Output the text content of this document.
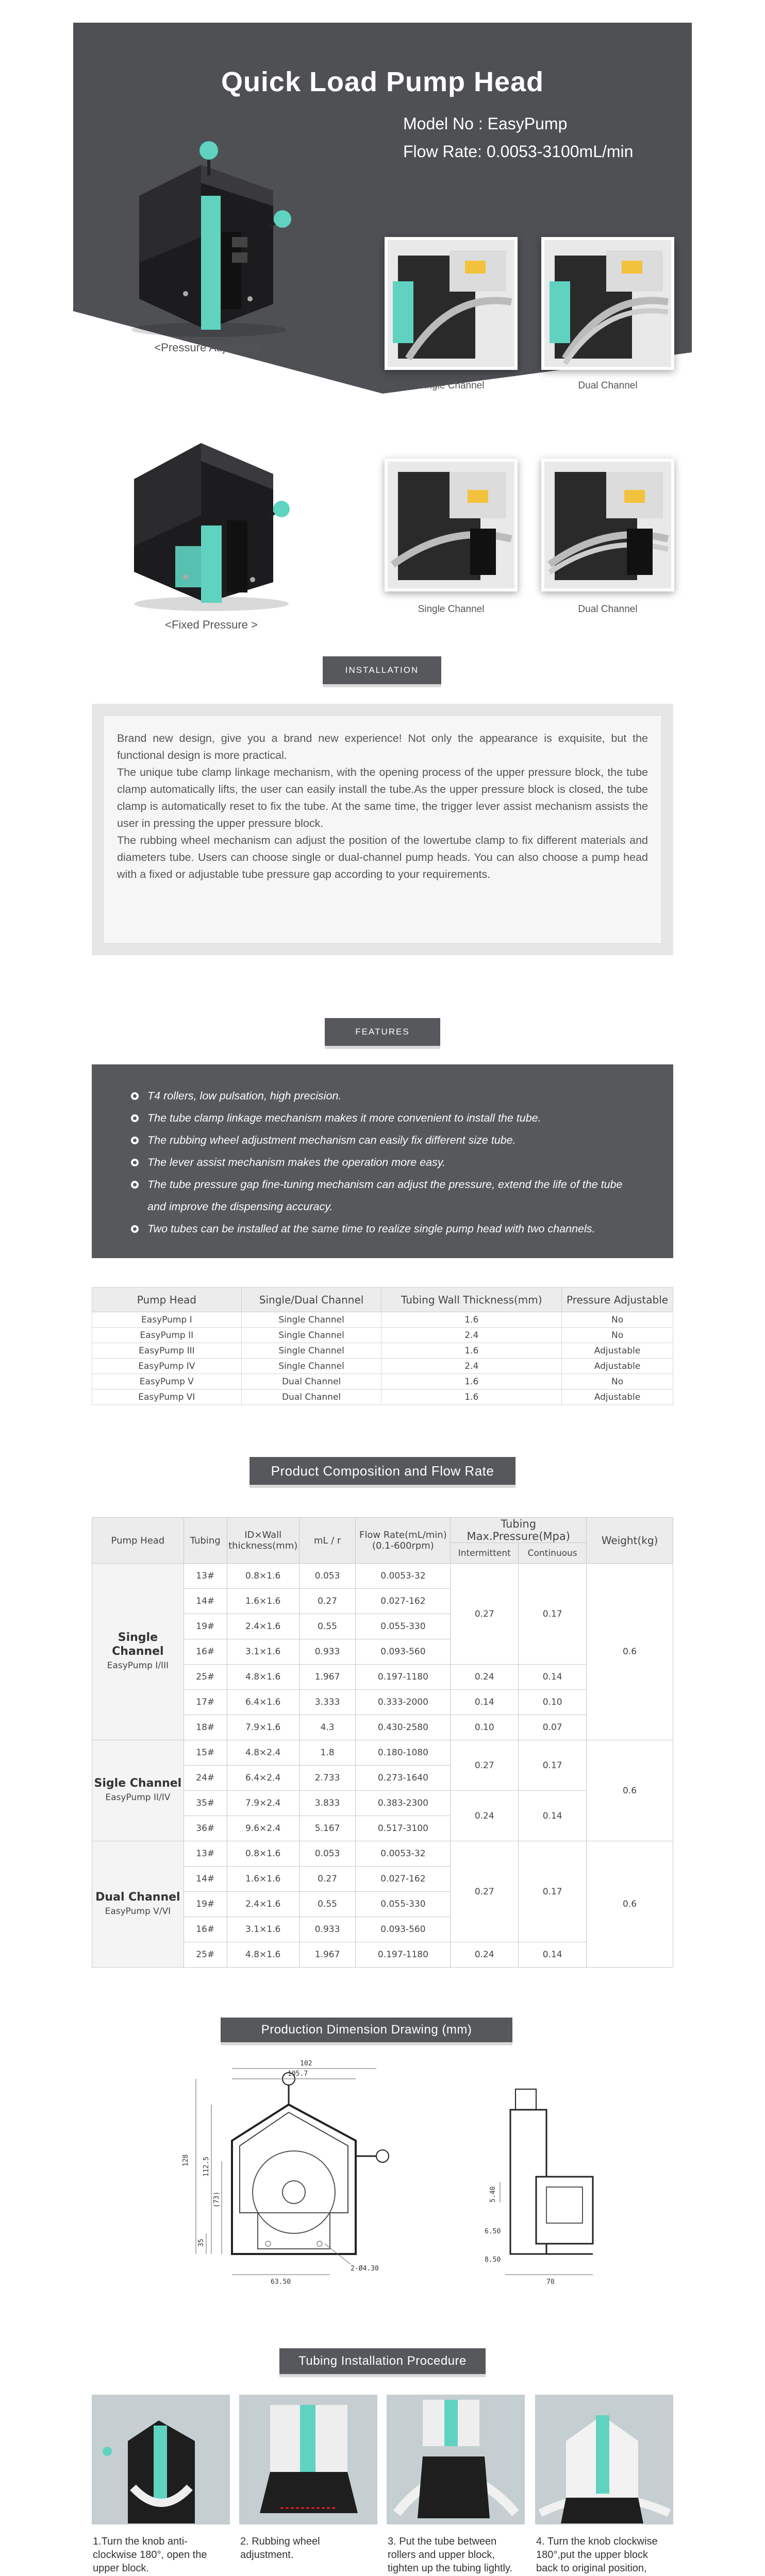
Quick Load Pump Head
Model No : EasyPump
Flow Rate: 0.0053-3100mL/min
<Pressure Adjustable>
Single Channel	Dual Channel
<Fixed Pressure >
Single Channel	Dual Channel
INSTALLATION

Brand new design, give you a brand new experience! Not only the appearance is exquisite, but the functional design is more practical.

The unique tube clamp linkage mechanism, with the opening process of the upper pressure block, the tube clamp automatically lifts, the user can easily install the tube.As the upper pressure block is closed, the tube clamp is automatically reset to fix the tube. At the same time, the trigger lever assist mechanism assists the user in pressing the upper pressure block.

The rubbing wheel mechanism can adjust the position of the lowertube clamp to fix different materials and diameters tube. Users can choose single or dual-channel pump heads. You can also choose a pump head with a fixed or adjustable tube pressure gap according to your requirements.

FEATURES
T4 rollers, low pulsation, high precision.
The tube clamp linkage mechanism makes it more convenient to install the tube.
The rubbing wheel adjustment mechanism can easily fix different size tube.
The lever assist mechanism makes the operation more easy.
The tube pressure gap fine-tuning mechanism can adjust the pressure, extend the life of the tube and improve the dispensing accuracy.
Two tubes can be installed at the same time to realize single pump head with two channels.
Pump Head	Single/Dual Channel	Tubing Wall Thickness(mm)	Pressure Adjustable
EasyPump I	Single Channel	1.6	No
EasyPump II	Single Channel	2.4	No
EasyPump III	Single Channel	1.6	Adjustable
EasyPump IV	Single Channel	2.4	Adjustable
EasyPump V	Dual Channel	1.6	No
EasyPump VI	Dual Channel	1.6	Adjustable
Product Composition and Flow Rate
Pump Head	Tubing	ID×Wall thickness(mm)	mL / r	Flow Rate(mL/min) (0.1-600rpm)	Tubing Max.Pressure(Mpa)		Weight(kg)
					Intermittent	Continuous	
Single Channel
EasyPump I/III	13#	0.8×1.6	0.053	0.0053-32	0.27	0.17	0.6
	14#	1.6×1.6	0.27	0.027-162			
	19#	2.4×1.6	0.55	0.055-330			
	16#	3.1×1.6	0.933	0.093-560			
	25#	4.8×1.6	1.967	0.197-1180	0.24	0.14	
	17#	6.4×1.6	3.333	0.333-2000	0.14	0.10	
	18#	7.9×1.6	4.3	0.430-2580	0.10	0.07	
Sigle Channel
EasyPump II/IV	15#	4.8×2.4	1.8	0.180-1080	0.27	0.17	0.6
	24#	6.4×2.4	2.733	0.273-1640			
	35#	7.9×2.4	3.833	0.383-2300	0.24	0.14	
	36#	9.6×2.4	5.167	0.517-3100			
Dual Channel
EasyPump V/VI	13#	0.8×1.6	0.053	0.0053-32	0.27	0.17	0.6
	14#	1.6×1.6	0.27	0.027-162			
	19#	2.4×1.6	0.55	0.055-330			
	16#	3.1×1.6	0.933	0.093-560			
	25#	4.8×1.6	1.967	0.197-1180	0.24	0.14	
Production Dimension Drawing (mm)
102
105.7
128 112.5
(73)
35
63.50
2-Ø4.30
5.40
6.50
8.50
70
Tubing Installation Procedure
1.Turn the knob anti-clockwise 180°, open the upper block.
2. Rubbing wheel adjustment.
3. Put the tube between rollers and upper block, tighten up the tubing lightly.
4. Turn the knob clockwise 180°,put the upper block back to original position,
